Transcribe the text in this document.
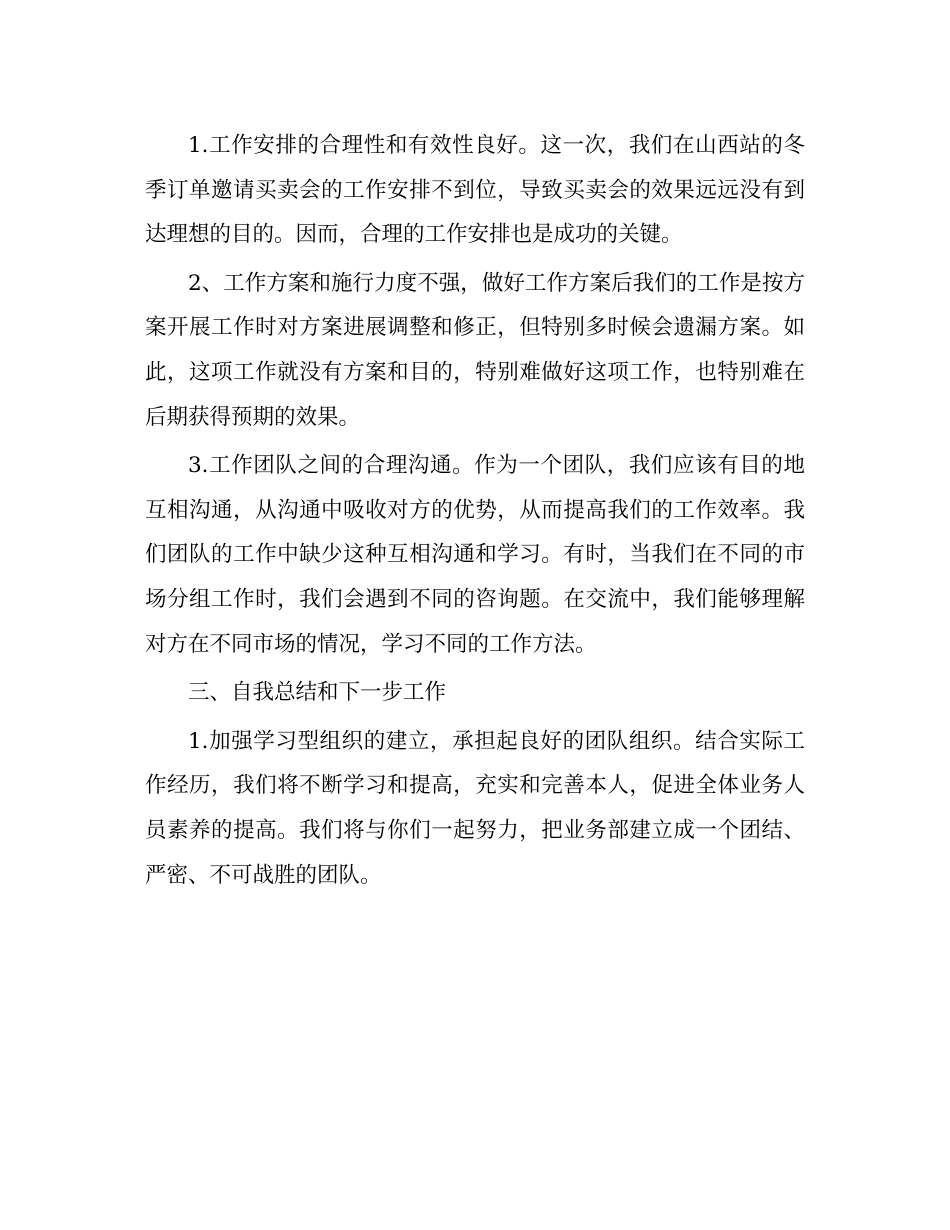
1.工作安排的合理性和有效性良好。这一次，我们在山西站的冬季订单邀请买卖会的工作安排不到位，导致买卖会的效果远远没有到达理想的目的。因而，合理的工作安排也是成功的关键。

2、工作方案和施行力度不强，做好工作方案后我们的工作是按方案开展工作时对方案进展调整和修正，但特别多时候会遗漏方案。如此，这项工作就没有方案和目的，特别难做好这项工作，也特别难在后期获得预期的效果。

3.工作团队之间的合理沟通。作为一个团队，我们应该有目的地互相沟通，从沟通中吸收对方的优势，从而提高我们的工作效率。我们团队的工作中缺少这种互相沟通和学习。有时，当我们在不同的市场分组工作时，我们会遇到不同的咨询题。在交流中，我们能够理解对方在不同市场的情况，学习不同的工作方法。

三、自我总结和下一步工作

1.加强学习型组织的建立，承担起良好的团队组织。结合实际工作经历，我们将不断学习和提高，充实和完善本人，促进全体业务人员素养的提高。我们将与你们一起努力，把业务部建立成一个团结、严密、不可战胜的团队。
